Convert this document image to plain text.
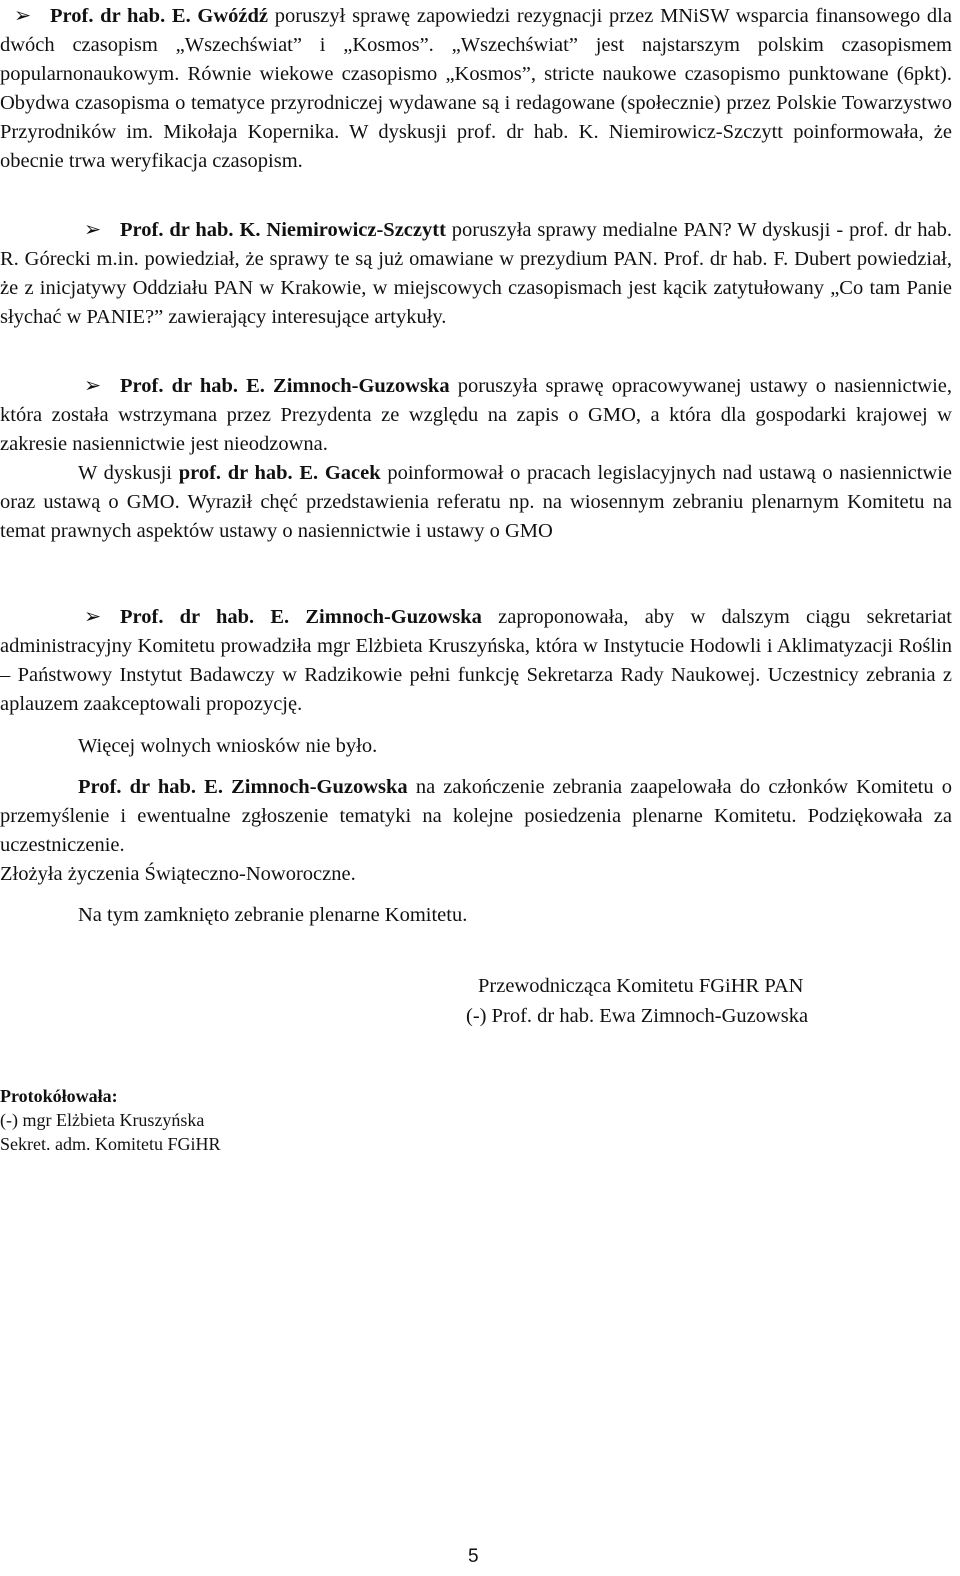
➢ Prof. dr hab. E. Gwóźdź poruszył sprawę zapowiedzi rezygnacji przez MNiSW wsparcia finansowego dla dwóch czasopism „Wszechświat” i „Kosmos”. „Wszechświat” jest najstarszym polskim czasopismem popularnonaukowym. Równie wiekowe czasopismo „Kosmos”, stricte naukowe czasopismo punktowane (6pkt). Obydwa czasopisma o tematyce przyrodniczej wydawane są i redagowane (społecznie) przez Polskie Towarzystwo Przyrodników im. Mikołaja Kopernika. W dyskusji prof. dr hab. K. Niemirowicz-Szczytt poinformowała, że obecnie trwa weryfikacja czasopism.

➢ Prof. dr hab. K. Niemirowicz-Szczytt poruszyła sprawy medialne PAN? W dyskusji - prof. dr hab. R. Górecki m.in. powiedział, że sprawy te są już omawiane w prezydium PAN. Prof. dr hab. F. Dubert powiedział, że z inicjatywy Oddziału PAN w Krakowie, w miejscowych czasopismach jest kącik zatytułowany „Co tam Panie słychać w PANIE?” zawierający interesujące artykuły.

➢ Prof. dr hab. E. Zimnoch-Guzowska poruszyła sprawę opracowywanej ustawy o nasiennictwie, która została wstrzymana przez Prezydenta ze względu na zapis o GMO, a która dla gospodarki krajowej w zakresie nasiennictwie jest nieodzowna.

W dyskusji prof. dr hab. E. Gacek poinformował o pracach legislacyjnych nad ustawą o nasiennictwie oraz ustawą o GMO. Wyraził chęć przedstawienia referatu np. na wiosennym zebraniu plenarnym Komitetu na temat prawnych aspektów ustawy o nasiennictwie i ustawy o GMO

➢ Prof. dr hab. E. Zimnoch-Guzowska zaproponowała, aby w dalszym ciągu sekretariat administracyjny Komitetu prowadziła mgr Elżbieta Kruszyńska, która w Instytucie Hodowli i Aklimatyzacji Roślin – Państwowy Instytut Badawczy w Radzikowie pełni funkcję Sekretarza Rady Naukowej. Uczestnicy zebrania z aplauzem zaakceptowali propozycję.

Więcej wolnych wniosków nie było.

Prof. dr hab. E. Zimnoch-Guzowska na zakończenie zebrania zaapelowała do członków Komitetu o przemyślenie i ewentualne zgłoszenie tematyki na kolejne posiedzenia plenarne Komitetu. Podziękowała za uczestniczenie.
Złożyła życzenia Świąteczno-Noworoczne.

Na tym zamknięto zebranie plenarne Komitetu.

Przewodnicząca Komitetu FGiHR PAN
(-) Prof. dr hab. Ewa Zimnoch-Guzowska
Protokółowała:
(-) mgr Elżbieta Kruszyńska
Sekret. adm. Komitetu FGiHR
5
